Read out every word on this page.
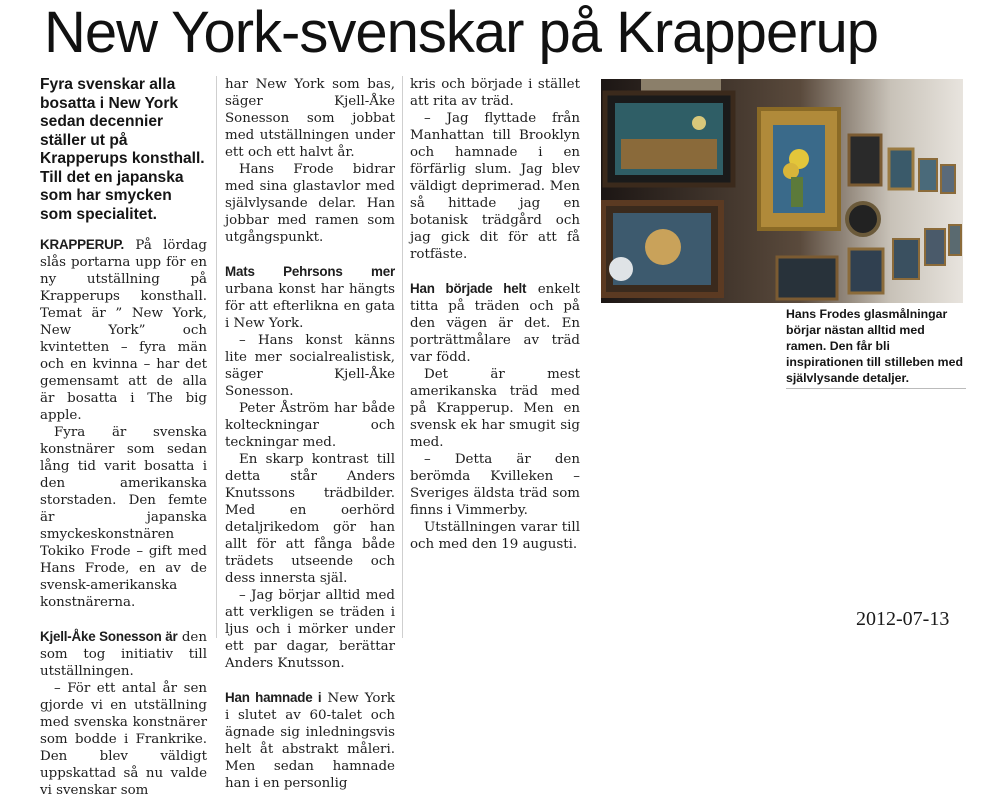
New York-svenskar på Krapperup

Fyra svenskar alla bosatta i New York sedan decennier ställer ut på Krapperups konsthall. Till det en japanska som har smycken som specialitet.

KRAPPERUP. På lördag slås portarna upp för en ny utställning på Krapperups konsthall. Temat är ” New York, New York” och kvintetten – fyra män och en kvinna – har det gemensamt att de alla är bosatta i The big apple.

Fyra är svenska konstnärer som sedan lång tid varit bosatta i den amerikanska storstaden. Den femte är japanska smyckeskonstnären Tokiko Frode – gift med Hans Frode, en av de svensk-amerikanska konstnärerna.

Kjell-Åke Sonesson är den som tog initiativ till utställningen.

– För ett antal år sen gjorde vi en utställning med svenska konstnärer som bodde i Frankrike. Den blev väldigt uppskattad så nu valde vi svenskar som

har New York som bas, säger Kjell-Åke Sonesson som jobbat med utställningen under ett och ett halvt år.

Hans Frode bidrar med sina glastavlor med självlysande delar. Han jobbar med ramen som utgångspunkt.

Mats Pehrsons mer urbana konst har hängts för att efterlikna en gata i New York.

– Hans konst känns lite mer socialrealistisk, säger Kjell-Åke Sonesson.

Peter Åström har både kolteckningar och teckningar med.

En skarp kontrast till detta står Anders Knutssons trädbilder. Med en oerhörd detaljrikedom gör han allt för att fånga både trädets utseende och dess innersta själ.

– Jag börjar alltid med att verkligen se träden i ljus och i mörker under ett par dagar, berättar Anders Knutsson.

Han hamnade i New York i slutet av 60-talet och ägnade sig inledningsvis helt åt abstrakt måleri. Men sedan hamnade han i en personlig

kris och började i stället att rita av träd.

– Jag flyttade från Manhattan till Brooklyn och hamnade i en förfärlig slum. Jag blev väldigt deprimerad. Men så hittade jag en botanisk trädgård och jag gick dit för att få rotfäste.

Han började helt enkelt titta på träden och på den vägen är det. En porträttmålare av träd var född.

Det är mest amerikanska träd med på Krapperup. Men en svensk ek har smugit sig med.

– Detta är den berömda Kvilleken – Sveriges äldsta träd som finns i Vimmerby.

Utställningen varar till och med den 19 augusti.

Hans Frodes glasmålningar börjar nästan alltid med ramen. Den får bli inspirationen till stilleben med självlysande detaljer.
2012-07-13
